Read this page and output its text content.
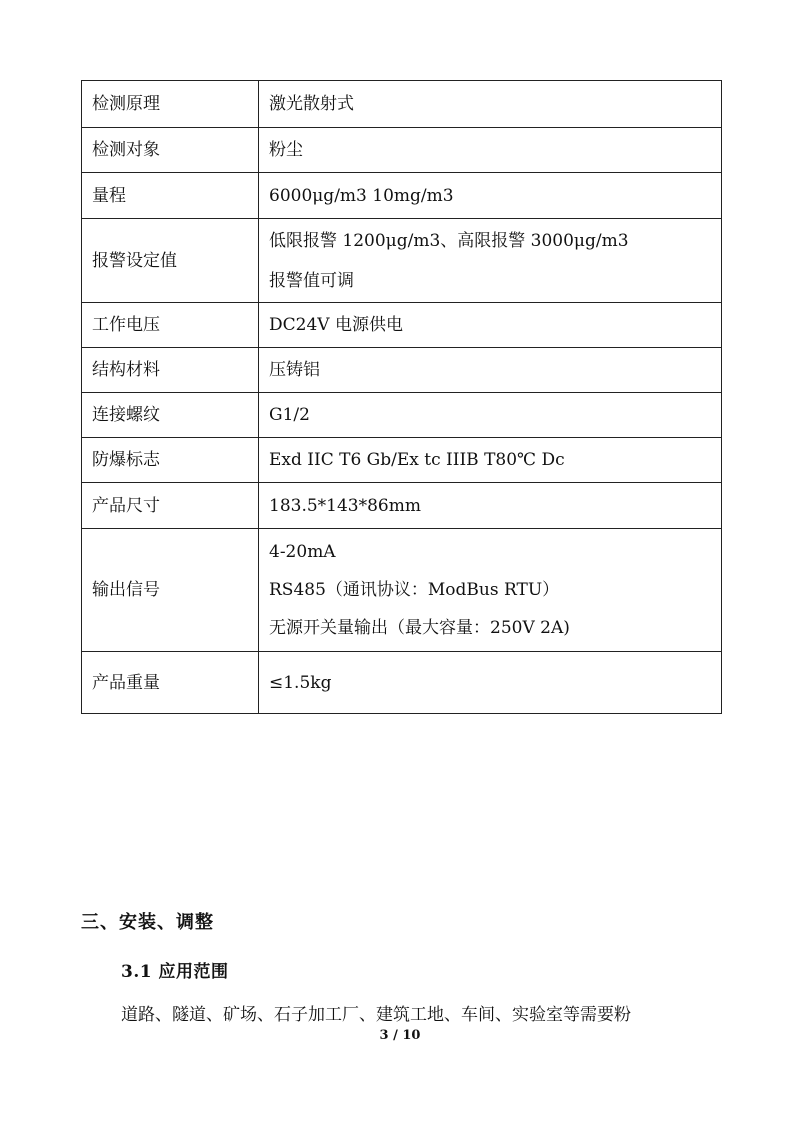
检测原理	激光散射式

检测对象	粉尘

量程	6000μg/m3 10mg/m3

报警设定值	低限报警 1200μg/m3、高限报警 3000μg/m3
报警值可调

工作电压	DC24V 电源供电

结构材料	压铸铝

连接螺纹	G1/2

防爆标志	Exd IIC T6 Gb/Ex tc IIIB T80℃ Dc

产品尺寸	183.5*143*86mm

输出信号	4-20mA
RS485（通讯协议：ModBus RTU）
无源开关量输出（最大容量：250V 2A)

产品重量	≤1.5kg
三、安装、调整
3.1 应用范围
道路、隧道、矿场、石子加工厂、建筑工地、车间、实验室等需要粉
3 / 10
